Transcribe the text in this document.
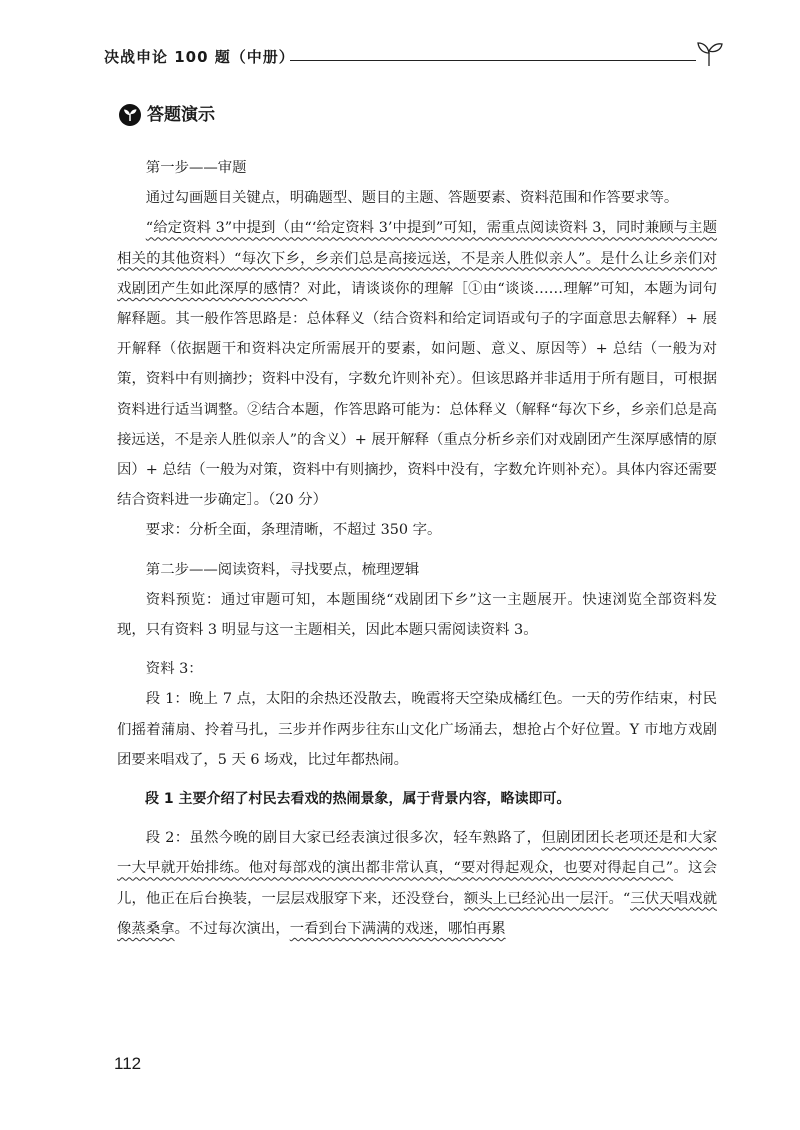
决战申论 100 题（中册）
答题演示

第一步——审题

通过勾画题目关键点，明确题型、题目的主题、答题要素、资料范围和作答要求等。

“给定资料 3”中提到（由“‘给定资料 3’中提到”可知，需重点阅读资料 3，同时兼顾与主题相关的其他资料）“每次下乡，乡亲们总是高接远送，不是亲人胜似亲人”。是什么让乡亲们对戏剧团产生如此深厚的感情？对此，请谈谈你的理解［①由“谈谈……理解”可知，本题为词句解释题。其一般作答思路是：总体释义（结合资料和给定词语或句子的字面意思去解释）+ 展开解释（依据题干和资料决定所需展开的要素，如问题、意义、原因等）+ 总结（一般为对策，资料中有则摘抄；资料中没有，字数允许则补充）。但该思路并非适用于所有题目，可根据资料进行适当调整。②结合本题，作答思路可能为：总体释义（解释“每次下乡，乡亲们总是高接远送，不是亲人胜似亲人”的含义）+ 展开解释（重点分析乡亲们对戏剧团产生深厚感情的原因）+ 总结（一般为对策，资料中有则摘抄，资料中没有，字数允许则补充）。具体内容还需要结合资料进一步确定］。（20 分）

要求：分析全面，条理清晰，不超过 350 字。

第二步——阅读资料，寻找要点，梳理逻辑

资料预览：通过审题可知，本题围绕“戏剧团下乡”这一主题展开。快速浏览全部资料发现，只有资料 3 明显与这一主题相关，因此本题只需阅读资料 3。

资料 3：

段 1：晚上 7 点，太阳的余热还没散去，晚霞将天空染成橘红色。一天的劳作结束，村民们摇着蒲扇、拎着马扎，三步并作两步往东山文化广场涌去，想抢占个好位置。Y 市地方戏剧团要来唱戏了，5 天 6 场戏，比过年都热闹。

段 1 主要介绍了村民去看戏的热闹景象，属于背景内容，略读即可。

段 2：虽然今晚的剧目大家已经表演过很多次，轻车熟路了，但剧团团长老项还是和大家一大早就开始排练。他对每部戏的演出都非常认真，“要对得起观众，也要对得起自己”。这会儿，他正在后台换装，一层层戏服穿下来，还没登台，额头上已经沁出一层汗。“三伏天唱戏就像蒸桑拿。不过每次演出，一看到台下满满的戏迷，哪怕再累

112
